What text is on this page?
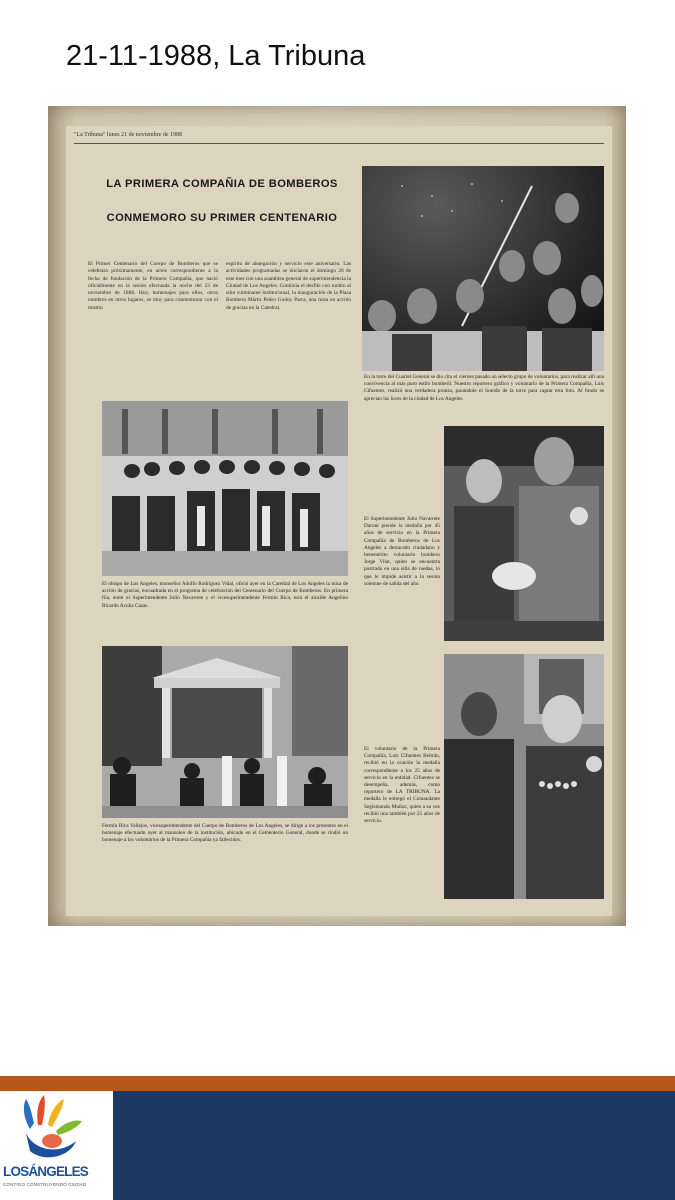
21-11-1988, La Tribuna
"La Tribuna" lunes 21 de noviembre de 1988
LA PRIMERA COMPAÑIA DE BOMBEROS
CONMEMORO SU PRIMER CENTENARIO
El Primer Centenario del Cuerpo de Bomberos que se celebrará próximamente, en actos correspondiente a la fecha de fundación de la Primera Compañía, que nació oficialmente en la sesión efectuada la noche del 23 de noviembre de 1888. Hoy, homenajes para ellos, otros nombres en otros lugares, se muy para conmemorar con el mismo
espíritu de abnegación y servicio este aniversario. Las actividades programadas se iniciaron el domingo 20 de este mes con una asamblea general de superintendencia la Ciudad de Los Angeles. Continúa el desfile con rumbo al sitio culminante institucional, la inauguración de la Plaza Bombero Mártir Pedro Godoy Parra, una misa en acción de gracias en la Catedral.
En la torre del Cuartel General se dio cita el viernes pasado un selecto grupo de voluntarios, para realizar allí una convivencia al más puro estilo bomberil. Nuestro reportero gráfico y voluntario de la Primera Compañía, Luis Cifuentes, realizó una verdadera proeza, pasándole el Sonido de la torre para captar esta foto. Al fondo se aprecian las luces de la ciudad de Los Angeles.
El obispo de Los Angeles, monseñor Adolfo Rodríguez Vidal, ofició ayer en la Catedral de Los Angeles la misa de acción de gracias, encuadrada en el programa de celebración del Centenario del Cuerpo de Bomberos. En primera fila, entre el Superintendente Julio Navarrete y el vicesuperintendente Fermín Rica, está el alcalde Angelino Ricardo Acuña Casas.
El Superintendente Julio Navarrete Daroni prende la medalla por 45 años de servicio en la Primera Compañía de Bomberos de Los Angeles a destacado ciudadano y benemérito voluntario bombero Jorge Vilar, quien se encuentra postrado en una silla de ruedas, lo que le impide asistir a la sesión solemne de salida del año.
Fermín Rica Vallejos, vicesuperintendente del Cuerpo de Bomberos de Los Angeles, se dirige a los presentes en el homenaje efectuado ayer al mausoleo de la institución, ubicado en el Cementerio General, donde se rindió un homenaje a los voluntarios de la Primera Compañía ya fallecidos.
El voluntario de la Primera Compañía, Luis Cifuentes Beltrán, recibió en la ocasión la medalla correspondiente a los 25 años de servicio en la entidad. Cifuentes se desempeña, además, como reportero de LA TRIBUNA. La medalla le entregó el Comandante Segismundo Muñoz, quien a su vez recibió una también por 25 años de servicio.
LOSÁNGELES
CONTIGO CONSTRUYENDO CIUDAD
